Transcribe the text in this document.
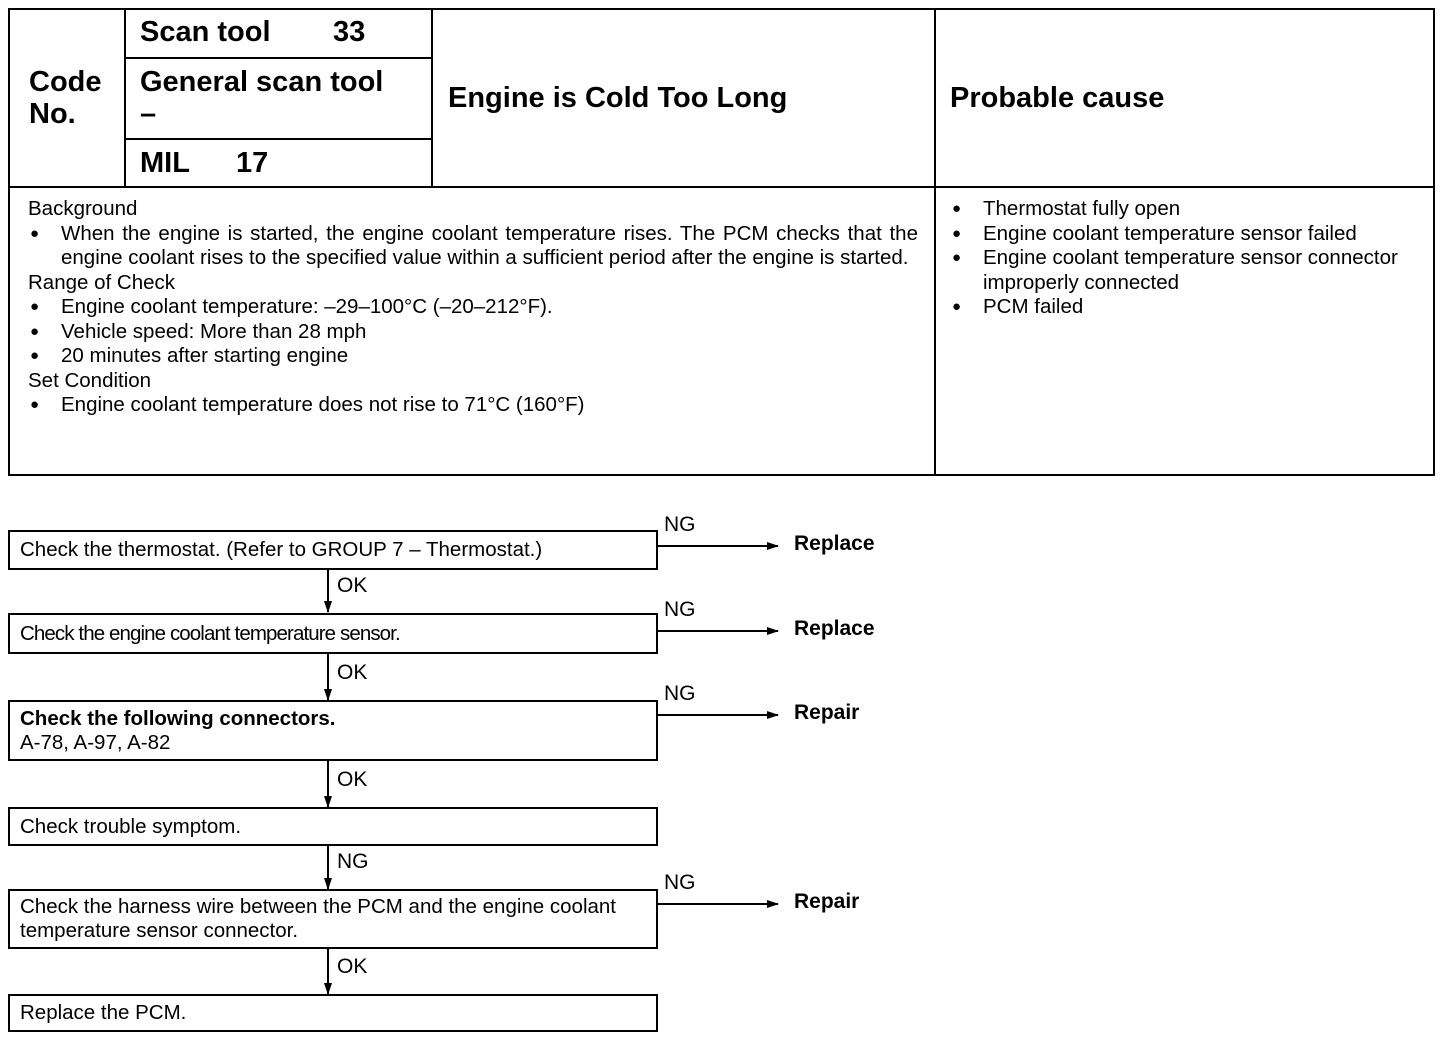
Code No.
Scan tool 33
General scan tool
–
MIL 17
Engine is Cold Too Long	Probable cause
Background
● When the engine is started, the engine coolant temperature rises. The PCM checks that the engine coolant rises to the specified value within a sufficient period after the engine is started.
Range of Check
● Engine coolant temperature: –29–100°C (–20–212°F).
● Vehicle speed: More than 28 mph
● 20 minutes after starting engine
Set Condition
● Engine coolant temperature does not rise to 71°C (160°F)
● Thermostat fully open
● Engine coolant temperature sensor failed
● Engine coolant temperature sensor connector improperly connected
● PCM failed
Check the thermostat. (Refer to GROUP 7 – Thermostat.)
NG
Replace
OK
Check the engine coolant temperature sensor.
NG
Replace
OK
Check the following connectors.
A-78, A-97, A-82
NG
Repair
OK
Check trouble symptom.
NG
Check the harness wire between the PCM and the engine coolant temperature sensor connector.
NG
Repair
OK
Replace the PCM.
